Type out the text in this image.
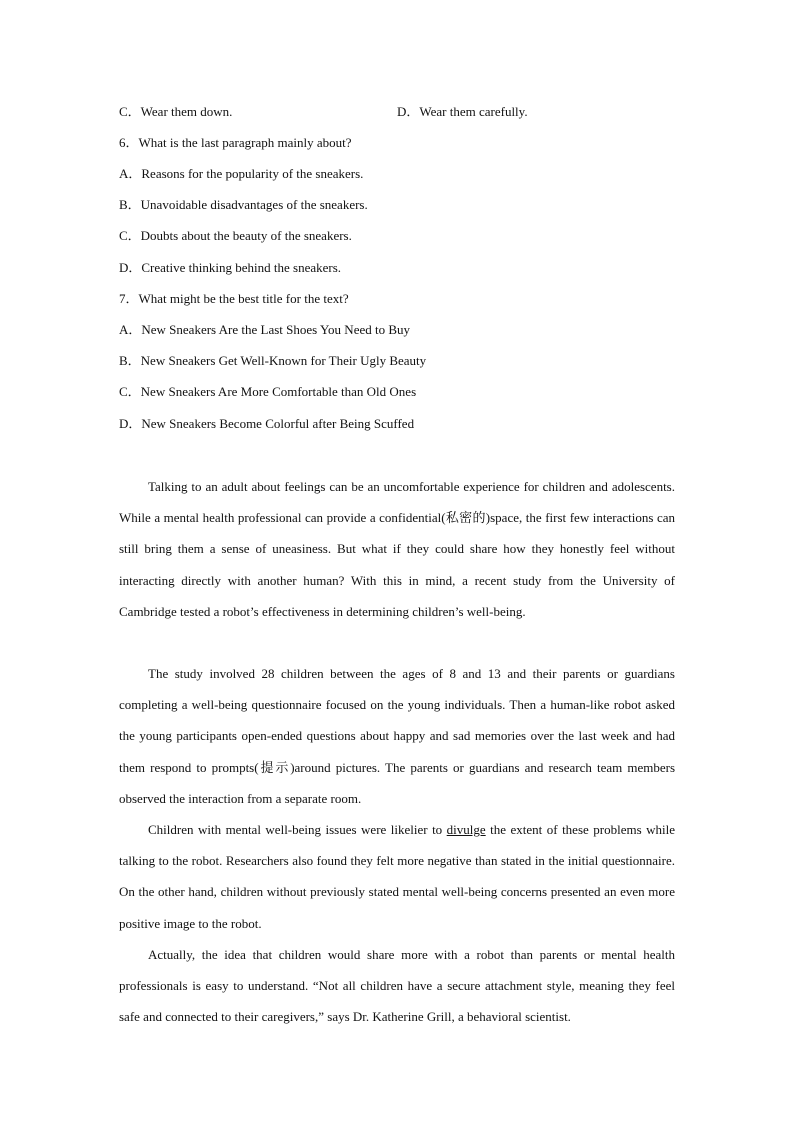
C．Wear them down.	D．Wear them carefully.
6．What is the last paragraph mainly about?
A．Reasons for the popularity of the sneakers.
B．Unavoidable disadvantages of the sneakers.
C．Doubts about the beauty of the sneakers.
D．Creative thinking behind the sneakers.
7．What might be the best title for the text?
A．New Sneakers Are the Last Shoes You Need to Buy
B．New Sneakers Get Well-Known for Their Ugly Beauty
C．New Sneakers Are More Comfortable than Old Ones
D．New Sneakers Become Colorful after Being Scuffed

Talking to an adult about feelings can be an uncomfortable experience for children and adolescents. While a mental health professional can provide a confidential(私密的)space, the first few interactions can still bring them a sense of uneasiness. But what if they could share how they honestly feel without interacting directly with another human? With this in mind, a recent study from the University of Cambridge tested a robot’s effectiveness in determining children’s well-being.

The study involved 28 children between the ages of 8 and 13 and their parents or guardians completing a well-being questionnaire focused on the young individuals. Then a human-like robot asked the young participants open-ended questions about happy and sad memories over the last week and had them respond to prompts(提示)around pictures. The parents or guardians and research team members observed the interaction from a separate room.

Children with mental well-being issues were likelier to divulge the extent of these problems while talking to the robot. Researchers also found they felt more negative than stated in the initial questionnaire. On the other hand, children without previously stated mental well-being concerns presented an even more positive image to the robot.

Actually, the idea that children would share more with a robot than parents or mental health professionals is easy to understand. “Not all children have a secure attachment style, meaning they feel safe and connected to their caregivers,” says Dr. Katherine Grill, a behavioral scientist.
